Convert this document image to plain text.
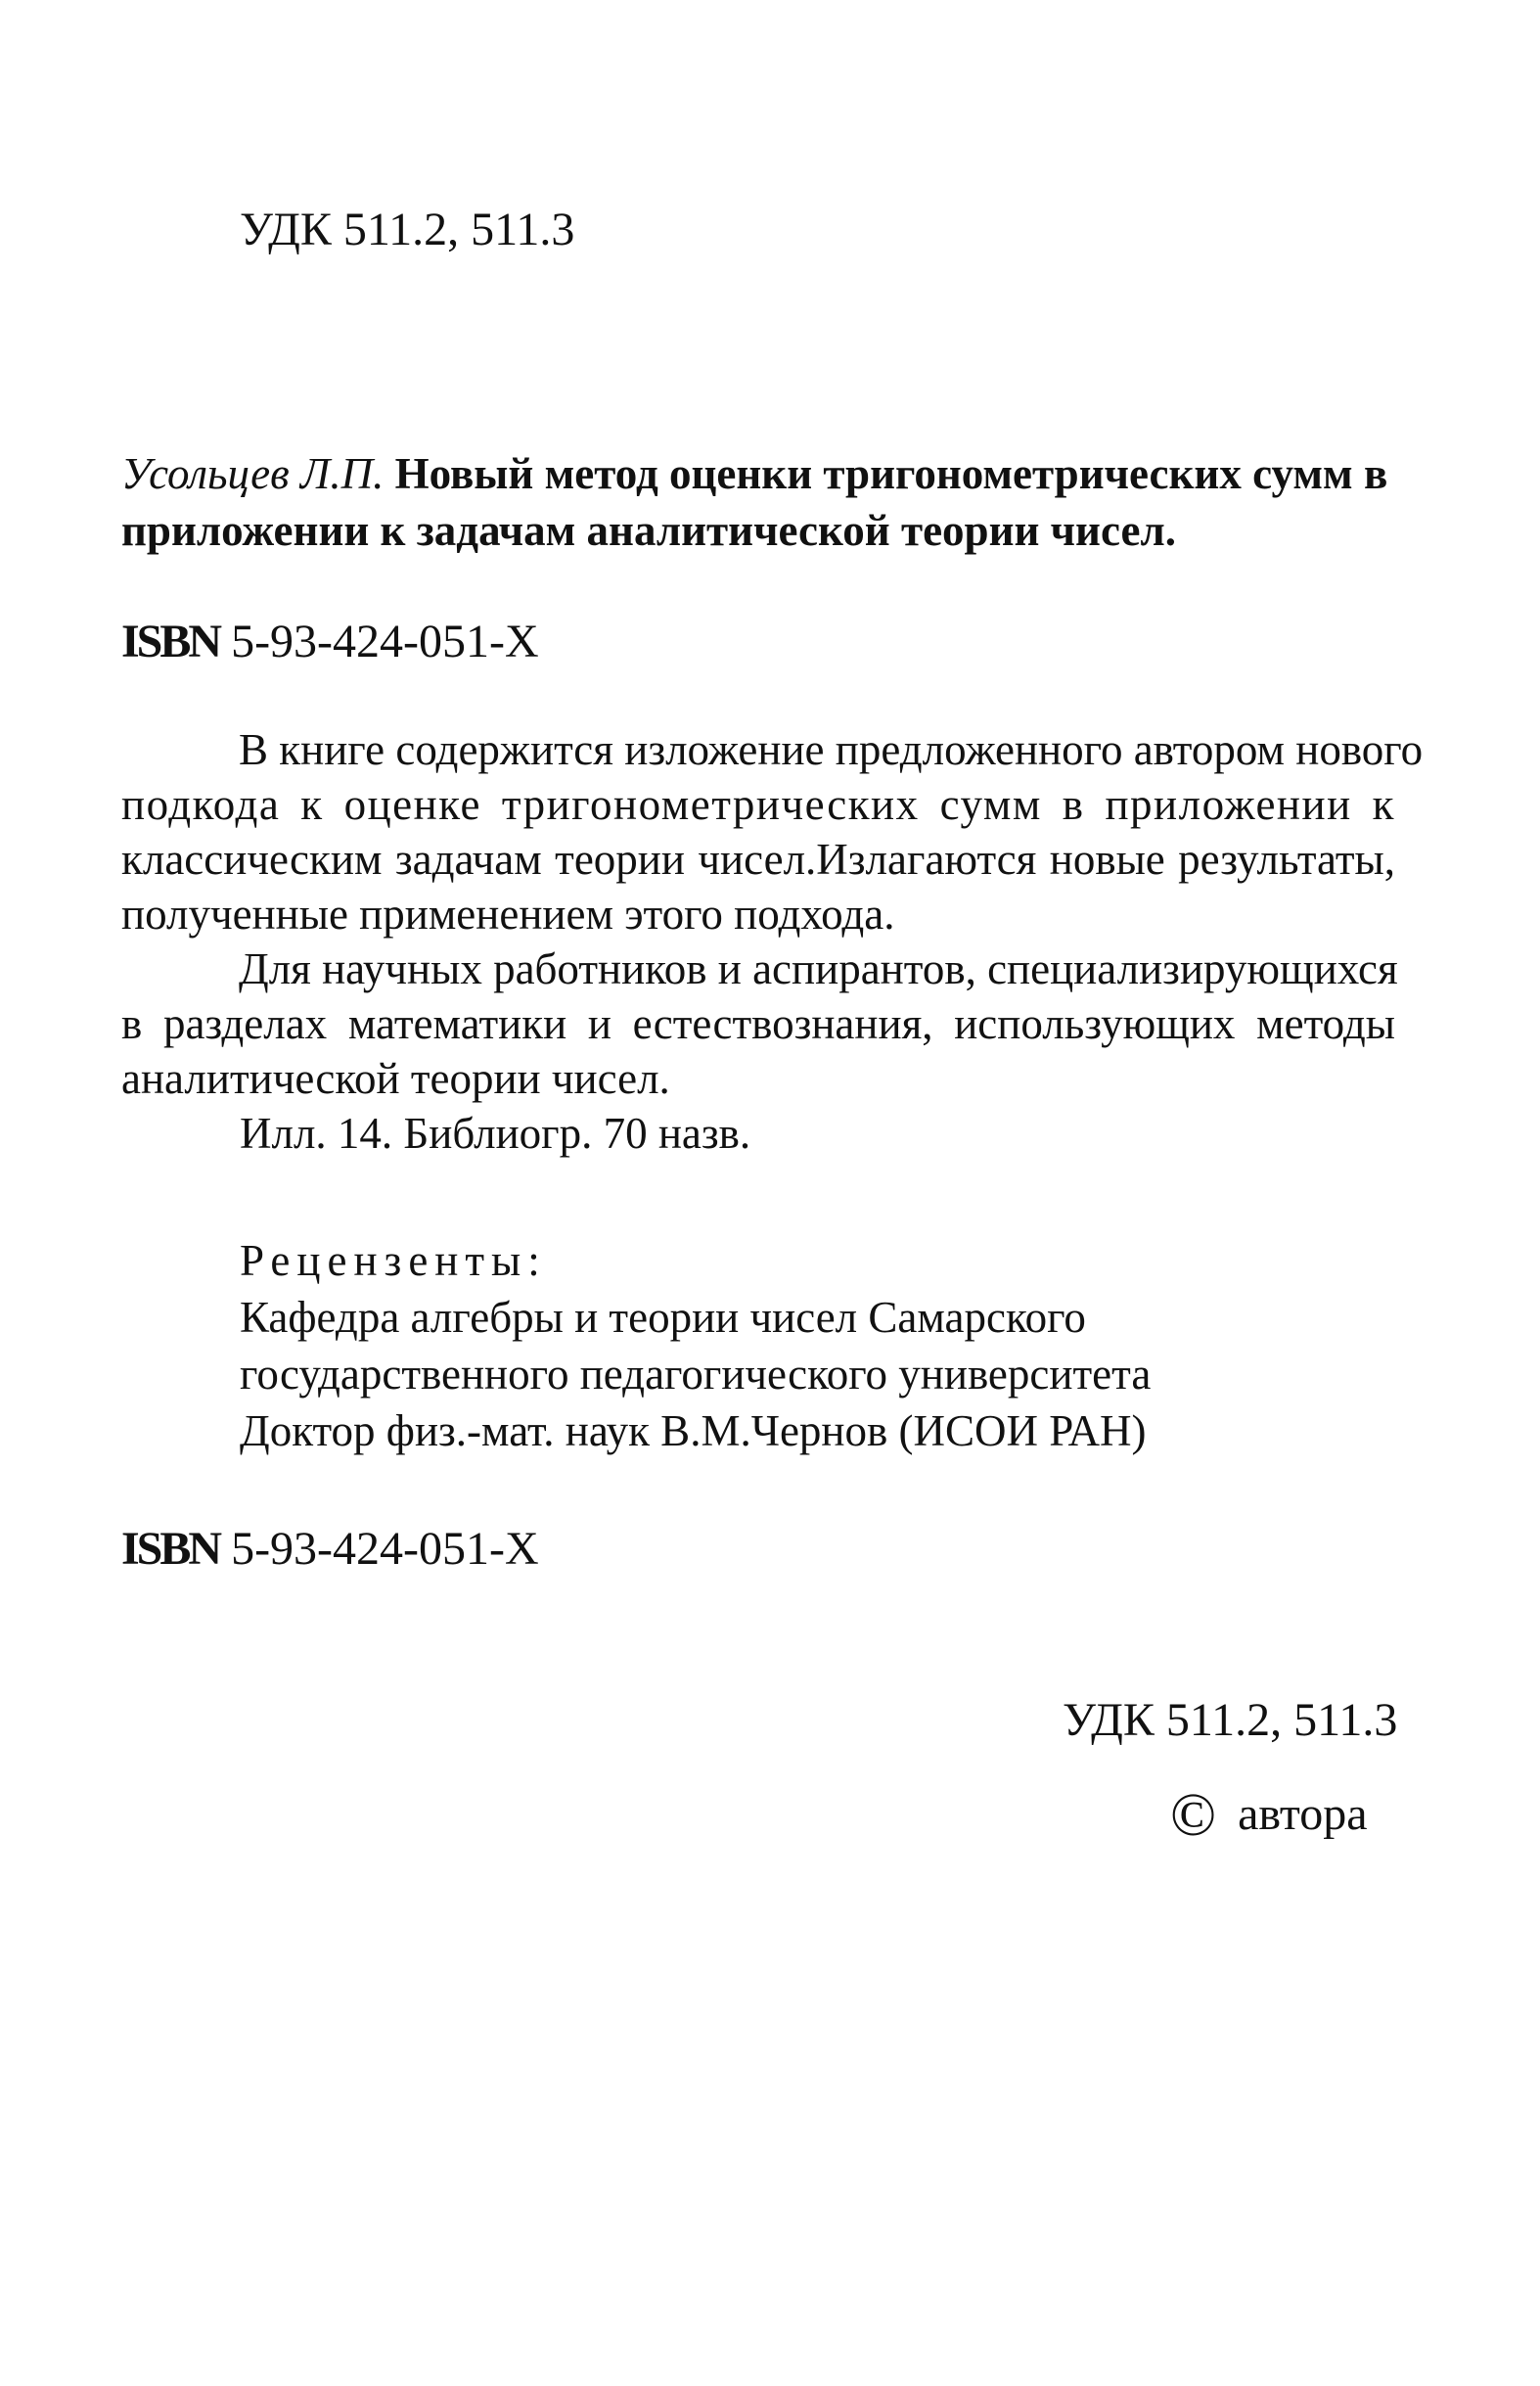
УДК 511.2, 511.3
Усольцев Л.П. Новый метод оценки тригонометрических сумм в
приложении к задачам аналитической теории чисел.
ISBN 5-93-424-051-X
В книге содержится изложение предложенного автором нового
подкода к оценке тригонометрических сумм в приложении к
классическим задачам теории чисел.Излагаются новые результаты,
полученные применением этого подхода.
Для научных работников и аспирантов, специализирующихся
в разделах математики и естествознания, использующих методы
аналитической теории чисел.
Илл. 14. Библиогр. 70 назв.
Рецензенты:
Кафедра алгебры и теории чисел Самарского
государственного педагогического университета
Доктор физ.-мат. наук В.М.Чернов (ИСОИ РАН)
ISBN 5-93-424-051-X
УДК 511.2, 511.3
© автора
